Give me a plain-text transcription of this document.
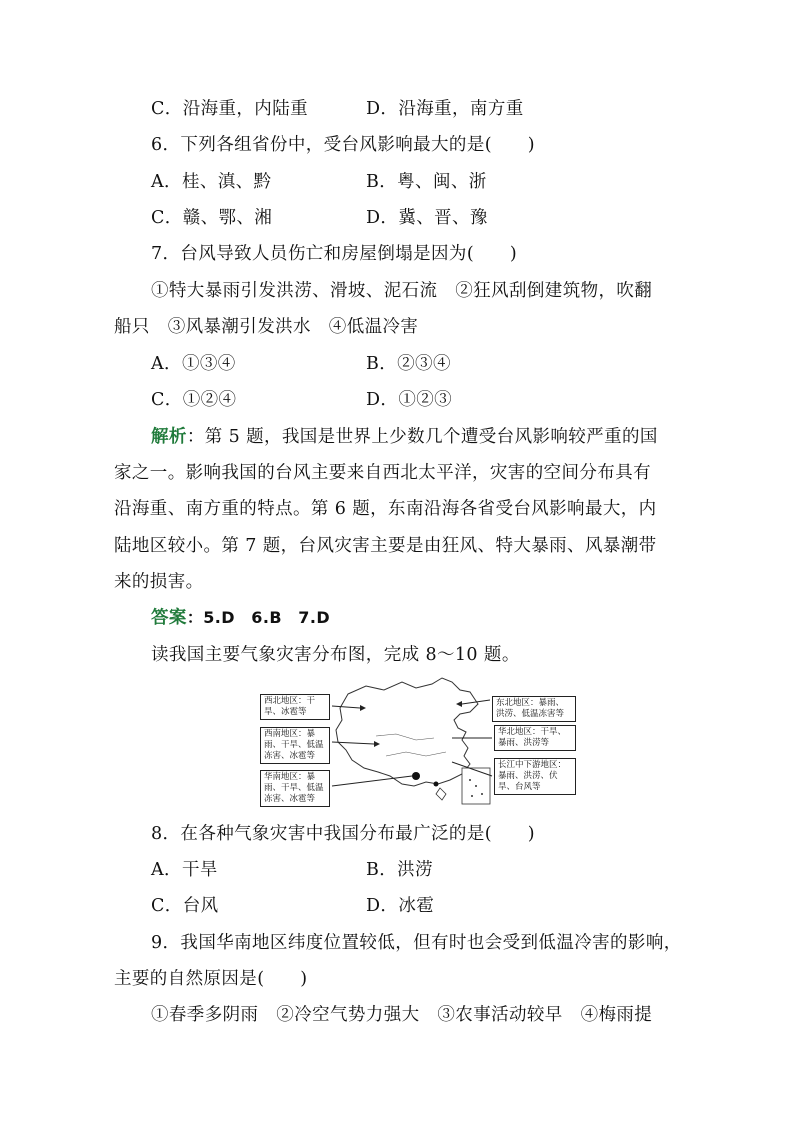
C．沿海重，内陆重	D．沿海重，南方重
6．下列各组省份中，受台风影响最大的是(　　)
A．桂、滇、黔	B．粤、闽、浙
C．赣、鄂、湘	D．冀、晋、豫
7．台风导致人员伤亡和房屋倒塌是因为(　　)
①特大暴雨引发洪涝、滑坡、泥石流　②狂风刮倒建筑物，吹翻
船只　③风暴潮引发洪水　④低温冷害
A．①③④	B．②③④
C．①②④	D．①②③
解析：第 5 题，我国是世界上少数几个遭受台风影响较严重的国
家之一。影响我国的台风主要来自西北太平洋，灾害的空间分布具有
沿海重、南方重的特点。第 6 题，东南沿海各省受台风影响最大，内
陆地区较小。第 7 题，台风灾害主要是由狂风、特大暴雨、风暴潮带
来的损害。
答案：5.D　6.B　7.D
读我国主要气象灾害分布图，完成 8～10 题。
西北地区：干旱、冰雹等
西南地区：暴雨、干旱、低温冻害、冰雹等
华南地区：暴雨、干旱、低温冻害、冰雹等
东北地区：暴雨、洪涝、低温冻害等
华北地区：干旱、暴雨、洪涝等
长江中下游地区：暴雨、洪涝、伏旱、台风等
8．在各种气象灾害中我国分布最广泛的是(　　)
A．干旱	B．洪涝
C．台风	D．冰雹
9．我国华南地区纬度位置较低，但有时也会受到低温冷害的影响，
主要的自然原因是(　　)
①春季多阴雨　②冷空气势力强大　③农事活动较早　④梅雨提
